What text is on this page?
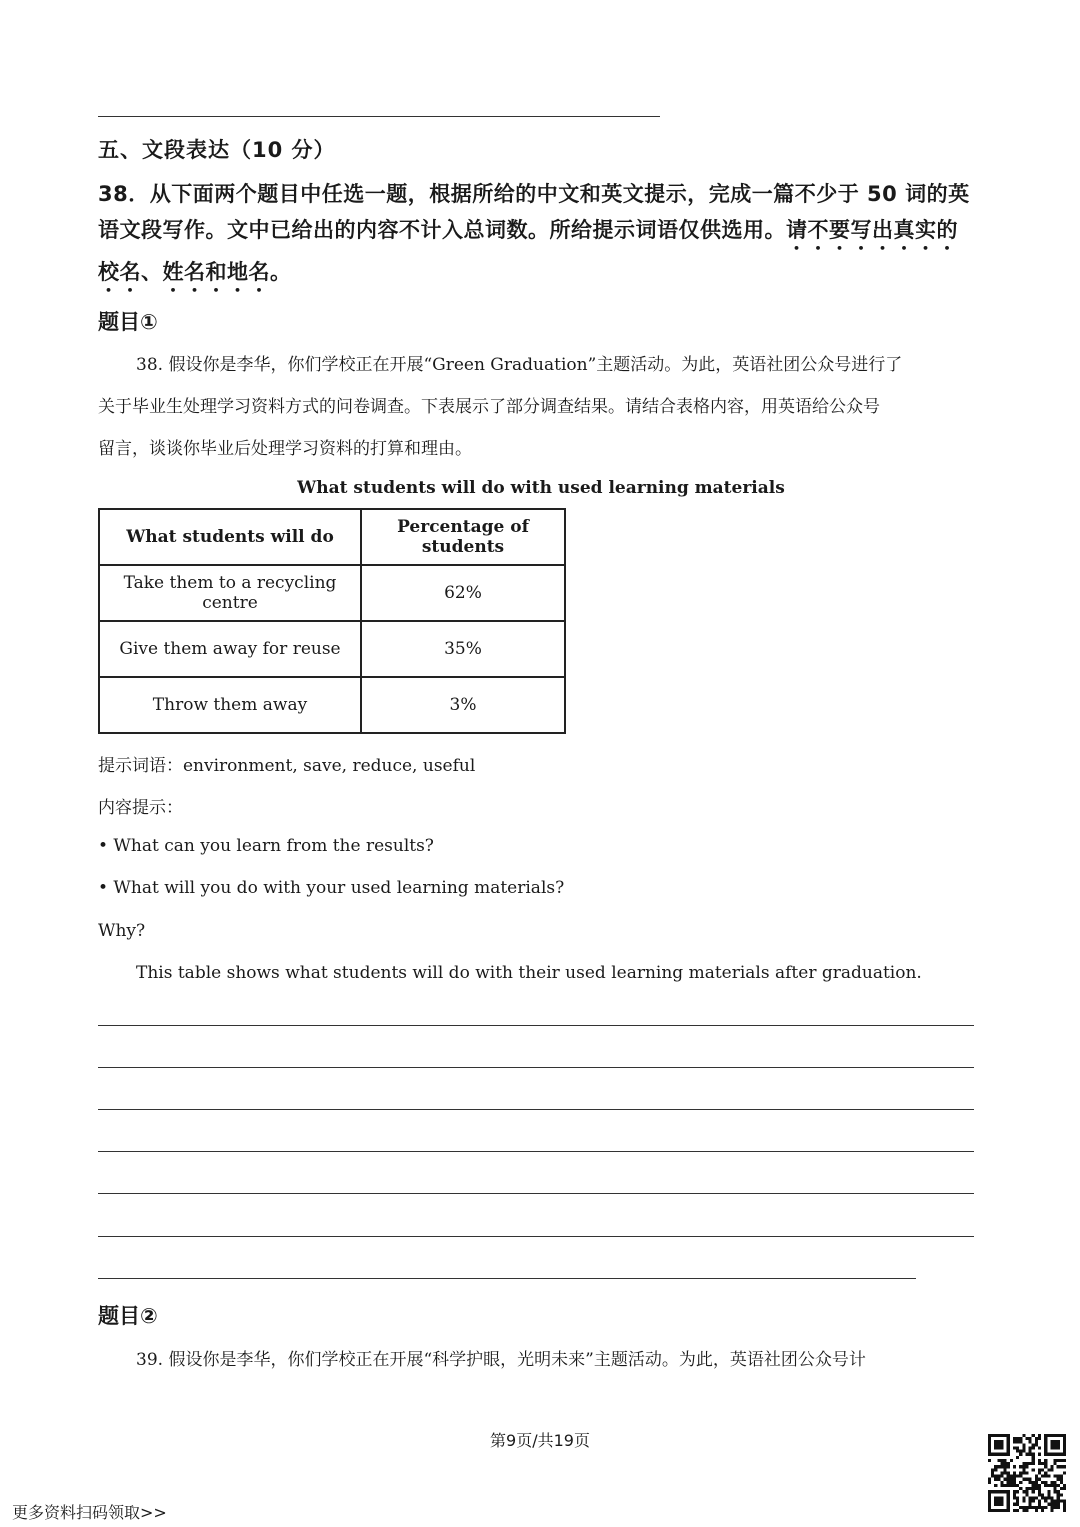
五、文段表达（10 分）
38．从下面两个题目中任选一题，根据所给的中文和英文提示，完成一篇不少于 50 词的英
语文段写作。文中已给出的内容不计入总词数。所给提示词语仅供选用。请不要写出真实的
校名、姓名和地名。
题目①
38. 假设你是李华，你们学校正在开展“Green Graduation”主题活动。为此，英语社团公众号进行了
关于毕业生处理学习资料方式的问卷调查。下表展示了部分调查结果。请结合表格内容，用英语给公众号
留言，谈谈你毕业后处理学习资料的打算和理由。
What students will do with used learning materials
What students will do	Percentage of students
Take them to a recycling centre	62%
Give them away for reuse	35%
Throw them away	3%
提示词语：environment, save, reduce, useful
内容提示：
• What can you learn from the results?
• What will you do with your used learning materials?
Why?
This table shows what students will do with their used learning materials after graduation.
题目②
39. 假设你是李华，你们学校正在开展“科学护眼，光明未来”主题活动。为此，英语社团公众号计
第9页/共19页
更多资料扫码领取>>
